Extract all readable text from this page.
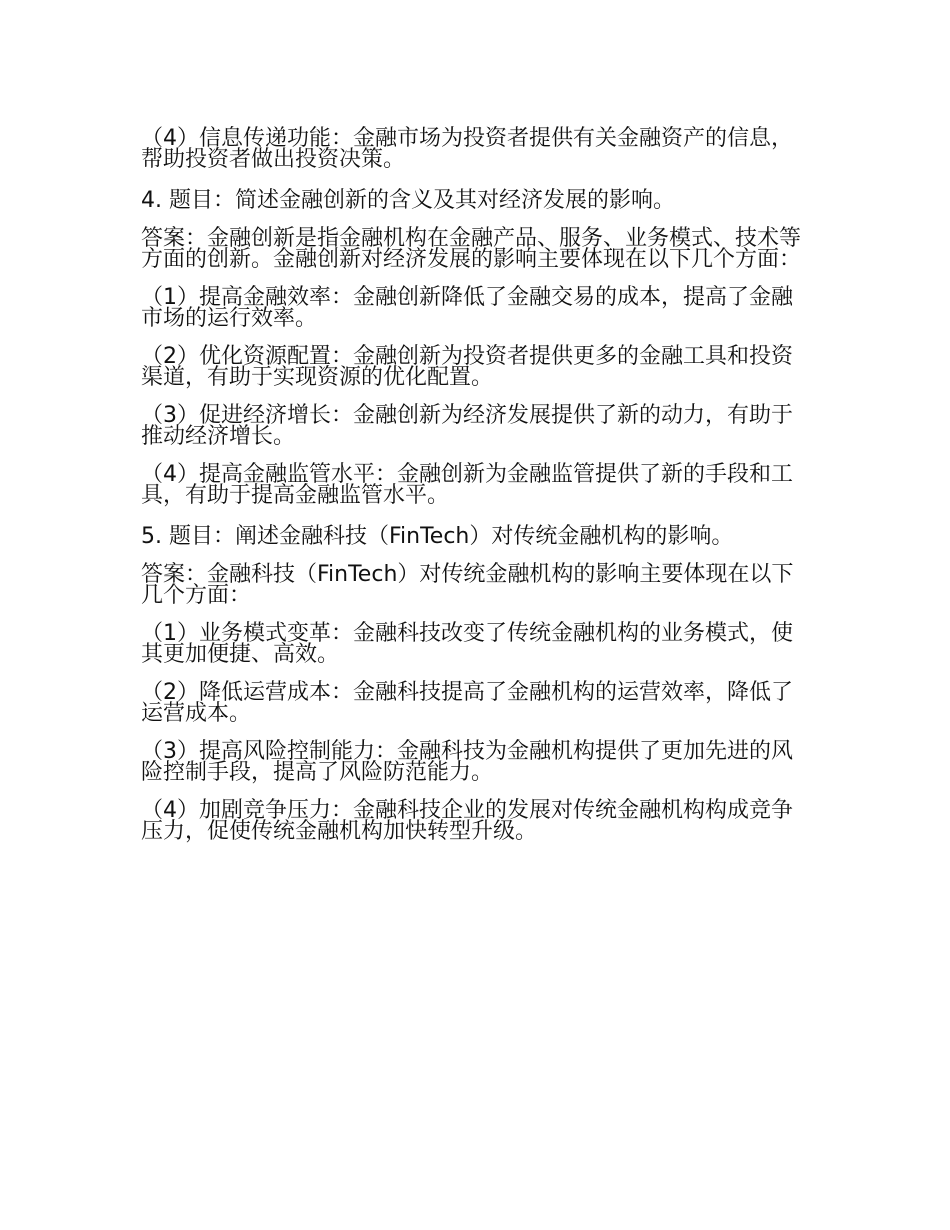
（4）信息传递功能：金融市场为投资者提供有关金融资产的信息，帮助投资者做出投资决策。

4. 题目：简述金融创新的含义及其对经济发展的影响。

答案：金融创新是指金融机构在金融产品、服务、业务模式、技术等方面的创新。金融创新对经济发展的影响主要体现在以下几个方面：

（1）提高金融效率：金融创新降低了金融交易的成本，提高了金融市场的运行效率。

（2）优化资源配置：金融创新为投资者提供更多的金融工具和投资渠道，有助于实现资源的优化配置。

（3）促进经济增长：金融创新为经济发展提供了新的动力，有助于推动经济增长。

（4）提高金融监管水平：金融创新为金融监管提供了新的手段和工具，有助于提高金融监管水平。

5. 题目：阐述金融科技（FinTech）对传统金融机构的影响。

答案：金融科技（FinTech）对传统金融机构的影响主要体现在以下几个方面：

（1）业务模式变革：金融科技改变了传统金融机构的业务模式，使其更加便捷、高效。

（2）降低运营成本：金融科技提高了金融机构的运营效率，降低了运营成本。

（3）提高风险控制能力：金融科技为金融机构提供了更加先进的风险控制手段，提高了风险防范能力。

（4）加剧竞争压力：金融科技企业的发展对传统金融机构构成竞争压力，促使传统金融机构加快转型升级。
